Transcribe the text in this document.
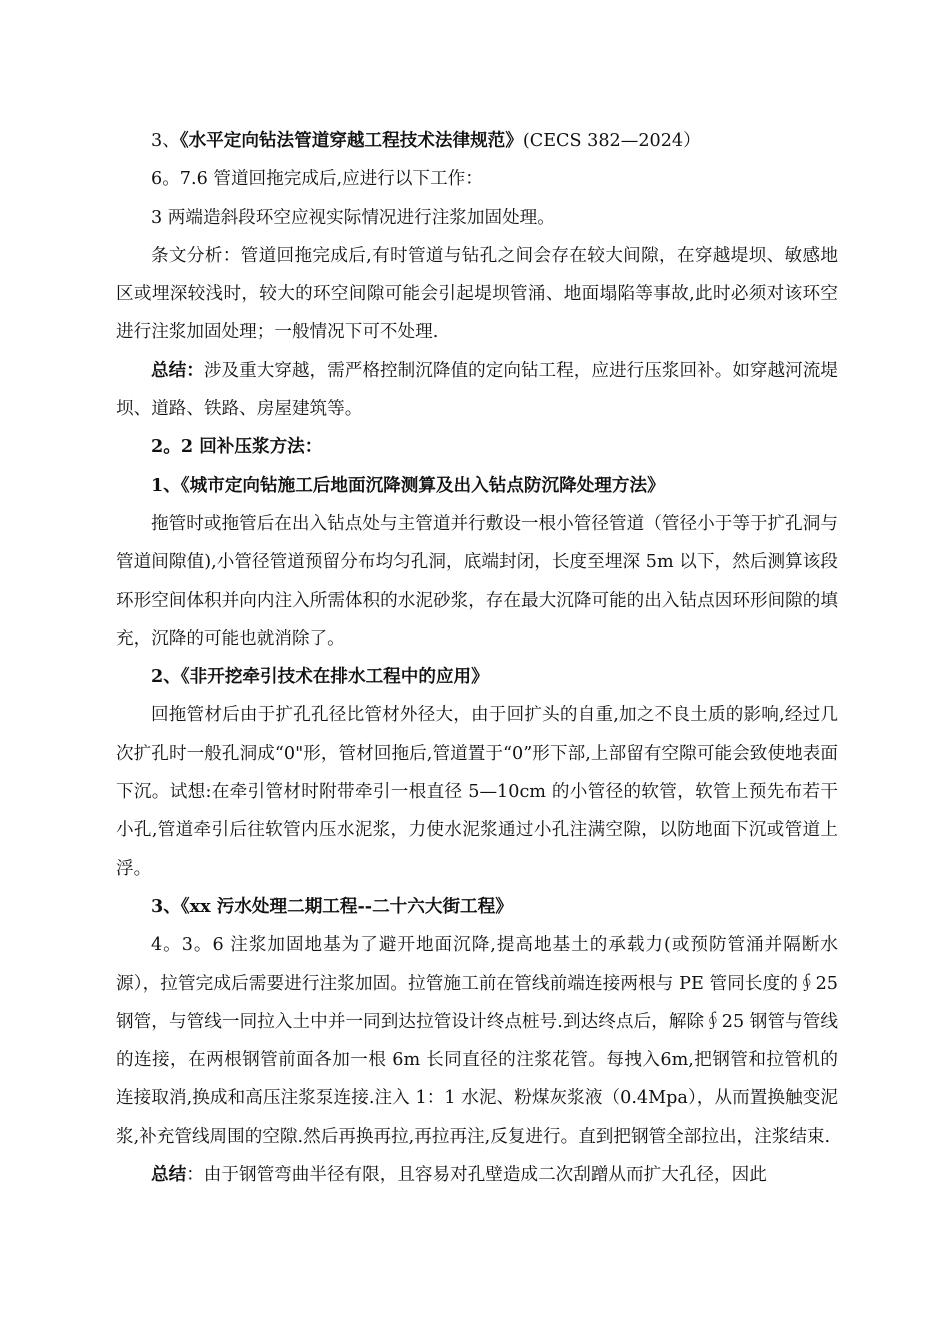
3、《水平定向钻法管道穿越工程技术法律规范》(CECS 382—2024）

6。7.6 管道回拖完成后,应进行以下工作：

3 两端造斜段环空应视实际情况进行注浆加固处理。

条文分析：管道回拖完成后,有时管道与钻孔之间会存在较大间隙，在穿越堤坝、敏感地区或埋深较浅时，较大的环空间隙可能会引起堤坝管涌、地面塌陷等事故,此时必须对该环空进行注浆加固处理；一般情况下可不处理.

总结：涉及重大穿越，需严格控制沉降值的定向钻工程，应进行压浆回补。如穿越河流堤坝、道路、铁路、房屋建筑等。

2。2 回补压浆方法：

1、《城市定向钻施工后地面沉降测算及出入钻点防沉降处理方法》

拖管时或拖管后在出入钻点处与主管道并行敷设一根小管径管道（管径小于等于扩孔洞与管道间隙值),小管径管道预留分布均匀孔洞，底端封闭，长度至埋深 5m 以下，然后测算该段环形空间体积并向内注入所需体积的水泥砂浆，存在最大沉降可能的出入钻点因环形间隙的填充，沉降的可能也就消除了。

2、《非开挖牵引技术在排水工程中的应用》

回拖管材后由于扩孔孔径比管材外径大，由于回扩头的自重,加之不良土质的影响,经过几次扩孔时一般孔洞成“0"形，管材回拖后,管道置于“0”形下部,上部留有空隙可能会致使地表面下沉。试想:在牵引管材时附带牵引一根直径 5—10cm 的小管径的软管，软管上预先布若干小孔,管道牵引后往软管内压水泥浆，力使水泥浆通过小孔注满空隙，以防地面下沉或管道上浮。

3、《xx 污水处理二期工程--二十六大街工程》

4。3。6 注浆加固地基为了避开地面沉降,提高地基土的承载力(或预防管涌并隔断水源），拉管完成后需要进行注浆加固。拉管施工前在管线前端连接两根与 PE 管同长度的∮25 钢管，与管线一同拉入土中并一同到达拉管设计终点桩号.到达终点后，解除∮25 钢管与管线的连接，在两根钢管前面各加一根 6m 长同直径的注浆花管。每拽入6m,把钢管和拉管机的连接取消,换成和高压注浆泵连接.注入 1：1 水泥、粉煤灰浆液（0.4Mpa），从而置换触变泥浆,补充管线周围的空隙.然后再换再拉,再拉再注,反复进行。直到把钢管全部拉出，注浆结束.

总结：由于钢管弯曲半径有限，且容易对孔壁造成二次刮蹭从而扩大孔径，因此
